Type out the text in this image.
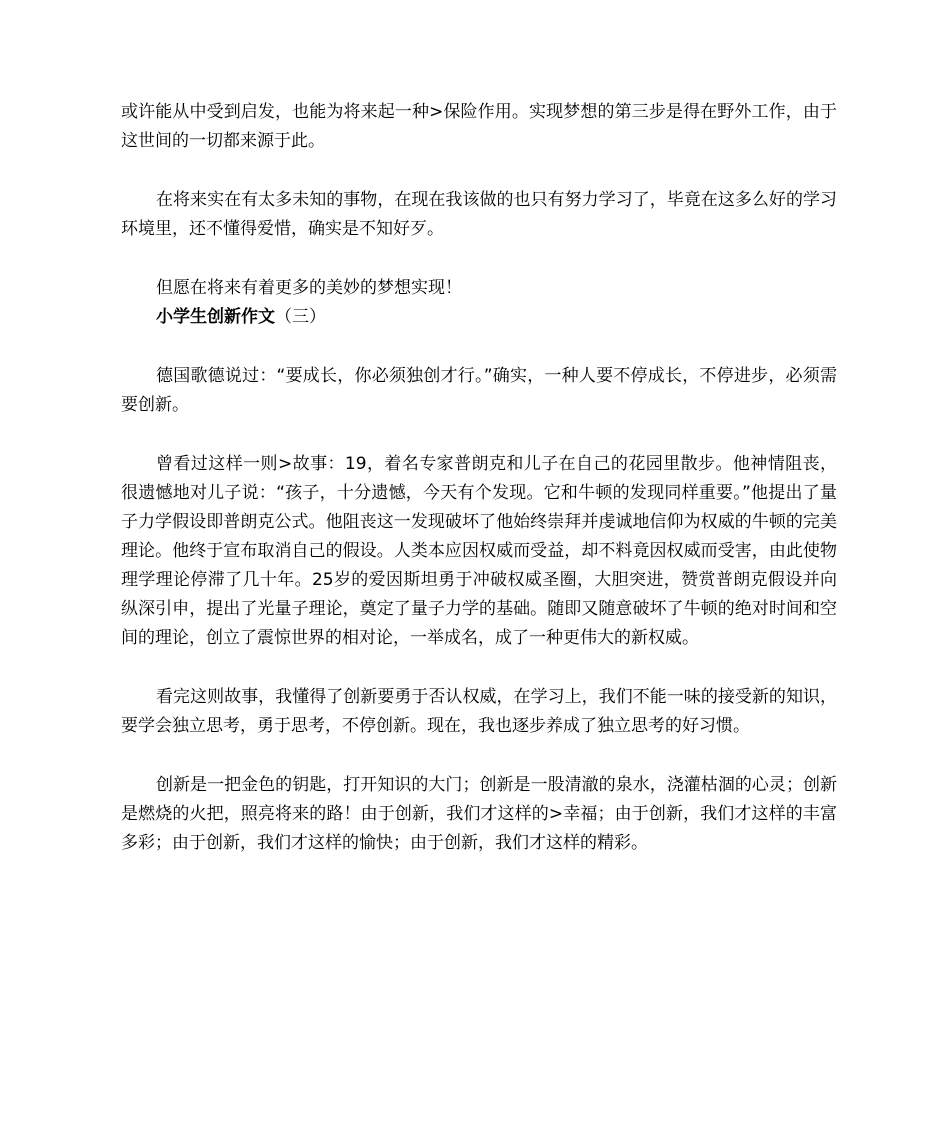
或许能从中受到启发，也能为将来起一种>保险作用。实现梦想的第三步是得在野外工作，由于这世间的一切都来源于此。

在将来实在有太多未知的事物，在现在我该做的也只有努力学习了，毕竟在这多么好的学习环境里，还不懂得爱惜，确实是不知好歹。

但愿在将来有着更多的美妙的梦想实现！

小学生创新作文（三）

德国歌德说过：“要成长，你必须独创才行。”确实，一种人要不停成长，不停进步，必须需要创新。

曾看过这样一则>故事：19，着名专家普朗克和儿子在自己的花园里散步。他神情阻丧，很遗憾地对儿子说：“孩子，十分遗憾，今天有个发现。它和牛顿的发现同样重要。”他提出了量子力学假设即普朗克公式。他阻丧这一发现破坏了他始终崇拜并虔诚地信仰为权威的牛顿的完美理论。他终于宣布取消自己的假设。人类本应因权威而受益，却不料竟因权威而受害，由此使物理学理论停滞了几十年。25岁的爱因斯坦勇于冲破权威圣圈，大胆突进，赞赏普朗克假设并向纵深引申，提出了光量子理论，奠定了量子力学的基础。随即又随意破坏了牛顿的绝对时间和空间的理论，创立了震惊世界的相对论，一举成名，成了一种更伟大的新权威。

看完这则故事，我懂得了创新要勇于否认权威，在学习上，我们不能一味的接受新的知识，要学会独立思考，勇于思考，不停创新。现在，我也逐步养成了独立思考的好习惯。

创新是一把金色的钥匙，打开知识的大门；创新是一股清澈的泉水，浇灌枯涸的心灵；创新是燃烧的火把，照亮将来的路！由于创新，我们才这样的>幸福；由于创新，我们才这样的丰富多彩；由于创新，我们才这样的愉快；由于创新，我们才这样的精彩。
